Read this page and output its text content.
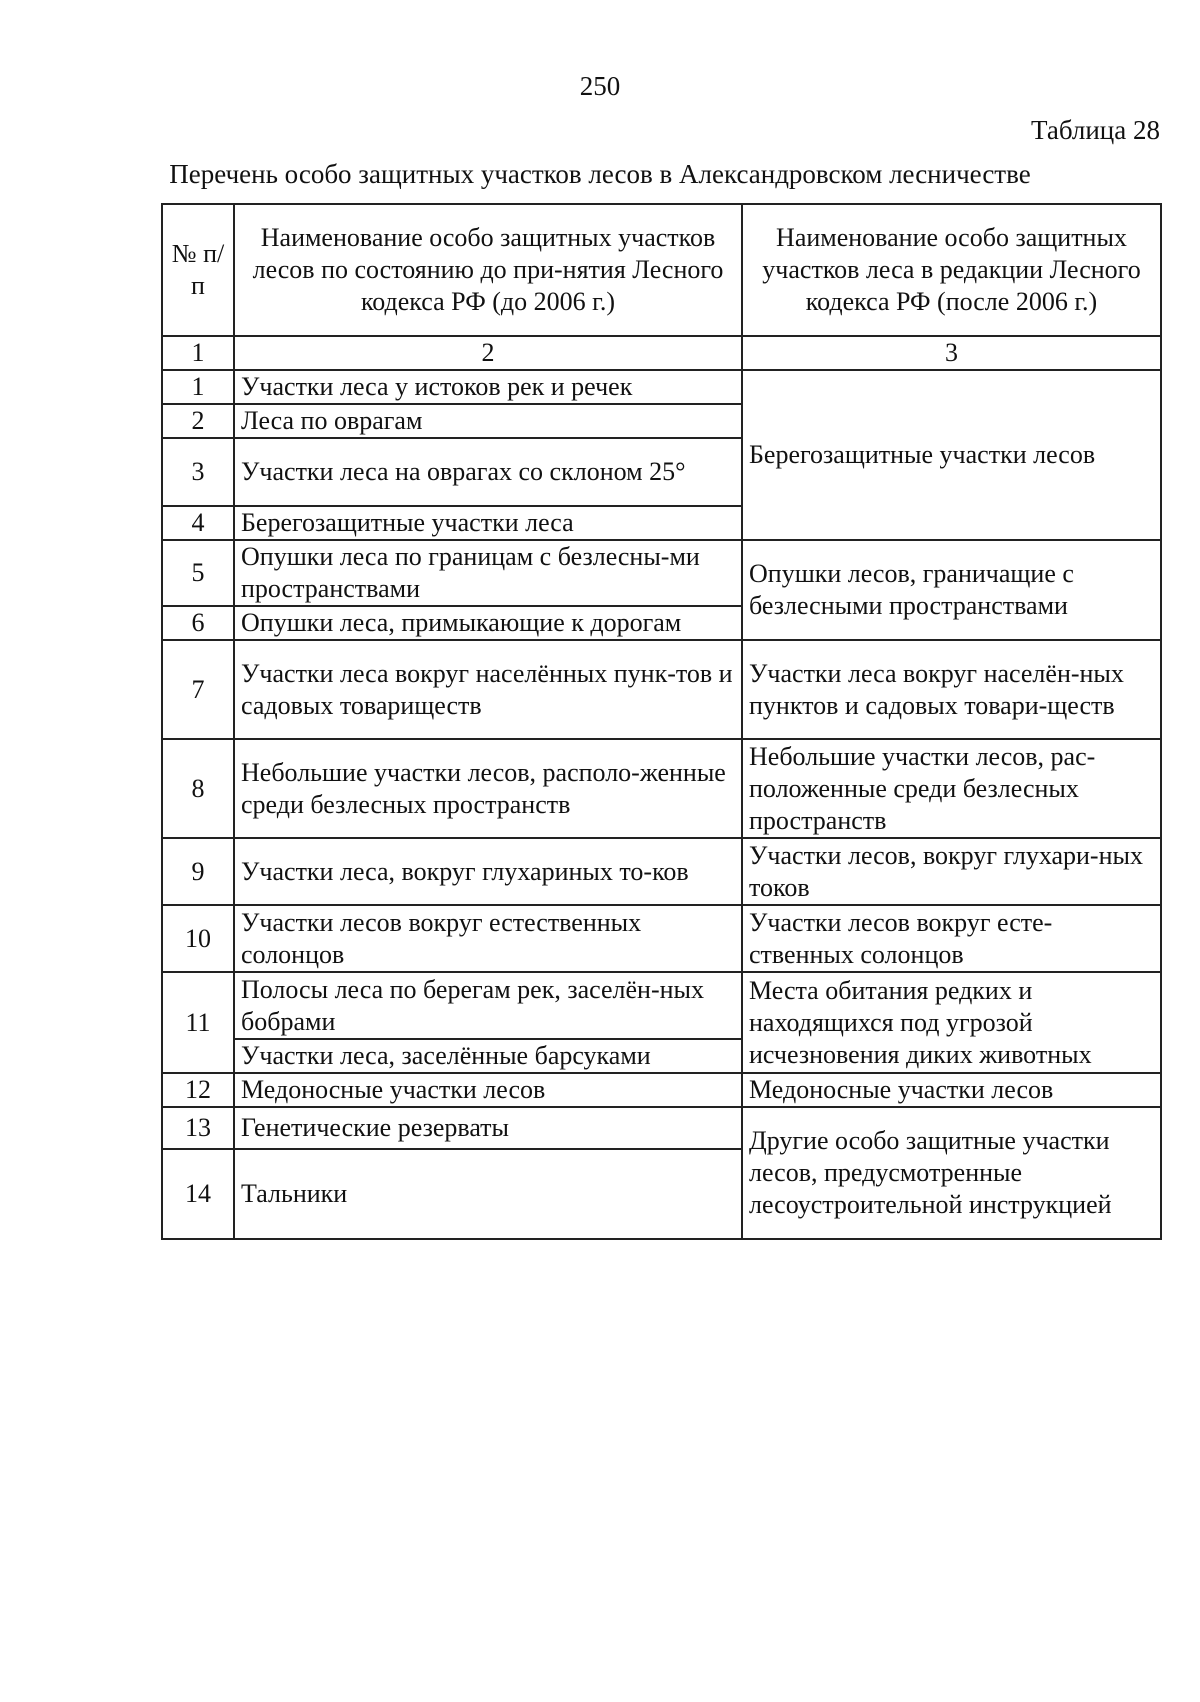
250
Таблица 28
Перечень особо защитных участков лесов в Александровском лесничестве
№ п/п	Наименование особо защитных участков лесов по состоянию до при-нятия Лесного кодекса РФ (до 2006 г.)	Наименование особо защитных участков леса в редакции Лесного кодекса РФ (после 2006 г.)
1	2	3
1	Участки леса у истоков рек и речек	Берегозащитные участки лесов
2	Леса по оврагам	
3	Участки леса на оврагах со склоном 25°	
4	Берегозащитные участки леса	
5	Опушки леса по границам с безлесны-ми пространствами	Опушки лесов, граничащие с безлесными пространствами
6	Опушки леса, примыкающие к дорогам	
7	Участки леса вокруг населённых пунк-тов и садовых товариществ	Участки леса вокруг населён-ных пунктов и садовых товари-ществ
8	Небольшие участки лесов, располо-женные среди безлесных пространств	Небольшие участки лесов, рас-положенные среди безлесных пространств
9	Участки леса, вокруг глухариных то-ков	Участки лесов, вокруг глухари-ных токов
10	Участки лесов вокруг естественных солонцов	Участки лесов вокруг есте-ственных солонцов
11	Полосы леса по берегам рек, заселён-ных бобрами	Места обитания редких и находящихся под угрозой исчезновения диких животных
	Участки леса, заселённые барсуками	
12	Медоносные участки лесов	Медоносные участки лесов
13	Генетические резерваты	Другие особо защитные участки лесов, предусмотренные лесоустроительной инструкцией
14	Тальники	
